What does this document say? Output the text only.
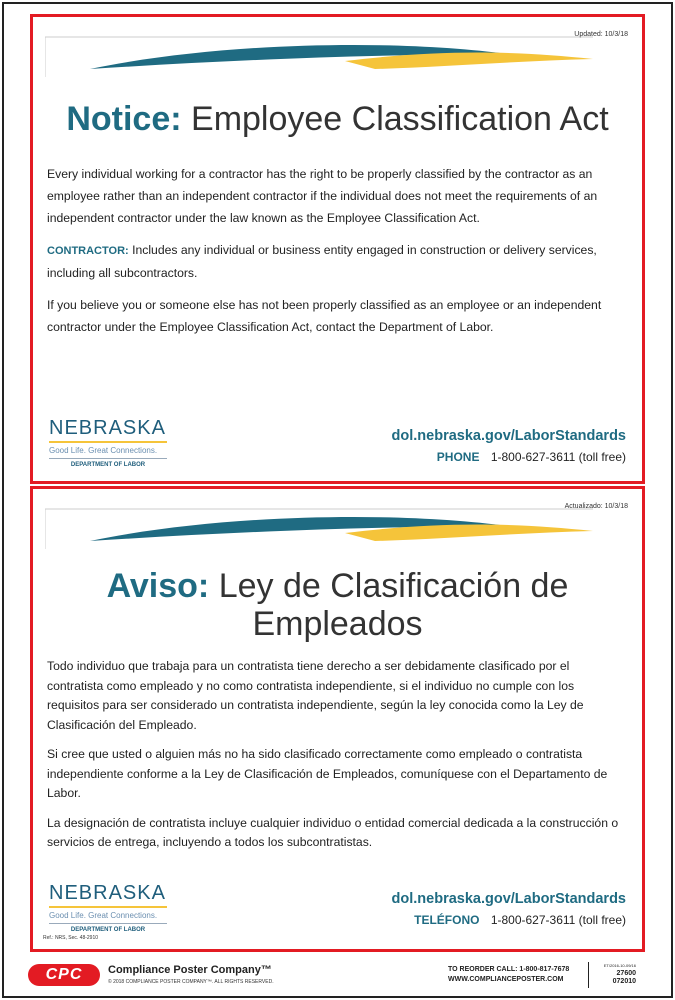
Updated: 10/3/18
Notice: Employee Classification Act

Every individual working for a contractor has the right to be properly classified by the contractor as an employee rather than an independent contractor if the individual does not meet the requirements of an independent contractor under the law known as the Employee Classification Act.

CONTRACTOR: Includes any individual or business entity engaged in construction or delivery services, including all subcontractors.

If you believe you or someone else has not been properly classified as an employee or an independent contractor under the Employee Classification Act, contact the Department of Labor.

NEBRASKA
Good Life. Great Connections.
DEPARTMENT OF LABOR
dol.nebraska.gov/LaborStandards
PHONE 1-800-627-3611 (toll free)
Actualizado: 10/3/18
Aviso: Ley de Clasificación de
Empleados

Todo individuo que trabaja para un contratista tiene derecho a ser debidamente clasificado por el contratista como empleado y no como contratista independiente, si el individuo no cumple con los requisitos para ser considerado un contratista independiente, según la ley conocida como la Ley de Clasificación del Empleado.

Si cree que usted o alguien más no ha sido clasificado correctamente como empleado o contratista independiente conforme a la Ley de Clasificación de Empleados, comuníquese con el Departamento de Labor.

La designación de contratista incluye cualquier individuo o entidad comercial dedicada a la construcción o servicios de entrega, incluyendo a todos los subcontratistas.

NEBRASKA
Good Life. Great Connections.
DEPARTMENT OF LABOR
dol.nebraska.gov/LaborStandards
TELÉFONO 1-800-627-3611 (toll free)
Ref.: NRS, Sec. 48-2910
CPC	Compliance Poster Company™
© 2018 COMPLIANCE POSTER COMPANY™. ALL RIGHTS RESERVED.
TO REORDER CALL: 1-800-817-7678
WWW.COMPLIANCEPOSTER.COM
ET/2016-10-09/16
27600
072010
